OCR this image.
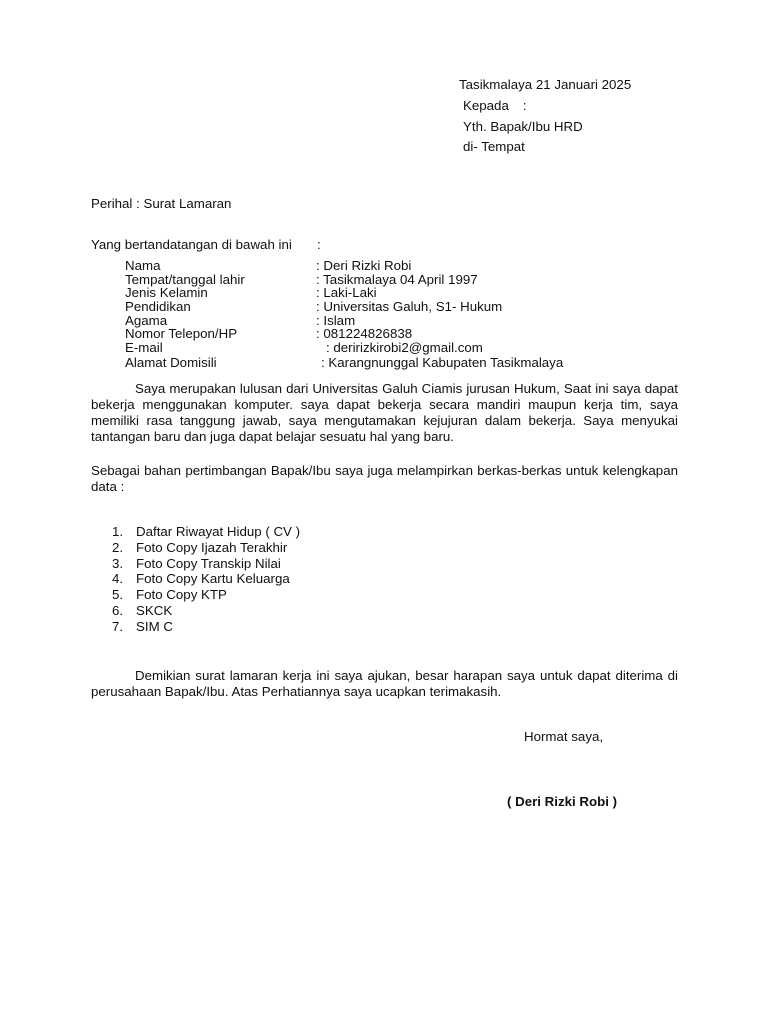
Tasikmalaya 21 Januari 2025
Kepada :
Yth. Bapak/Ibu HRD
di- Tempat
Perihal : Surat Lamaran
Yang bertandatangan di bawah ini :
Nama	: Deri Rizki Robi
Tempat/tanggal lahir	: Tasikmalaya 04 April 1997
Jenis Kelamin	: Laki-Laki
Pendidikan	: Universitas Galuh, S1- Hukum
Agama	: Islam
Nomor Telepon/HP	: 081224826838
E-mail	: deririzkirobi2@gmail.com
Alamat Domisili	: Karangnunggal Kabupaten Tasikmalaya
Saya merupakan lulusan dari Universitas Galuh Ciamis jurusan Hukum, Saat ini saya dapat bekerja menggunakan komputer. saya dapat bekerja secara mandiri maupun kerja tim, saya memiliki rasa tanggung jawab, saya mengutamakan kejujuran dalam bekerja. Saya menyukai tantangan baru dan juga dapat belajar sesuatu hal yang baru.
Sebagai bahan pertimbangan Bapak/Ibu saya juga melampirkan berkas-berkas untuk kelengkapan data :
1. Daftar Riwayat Hidup ( CV )
2. Foto Copy Ijazah Terakhir
3. Foto Copy Transkip Nilai
4. Foto Copy Kartu Keluarga
5. Foto Copy KTP
6. SKCK
7. SIM C
Demikian surat lamaran kerja ini saya ajukan, besar harapan saya untuk dapat diterima di perusahaan Bapak/Ibu. Atas Perhatiannya saya ucapkan terimakasih.
Hormat saya,
( Deri Rizki Robi )
